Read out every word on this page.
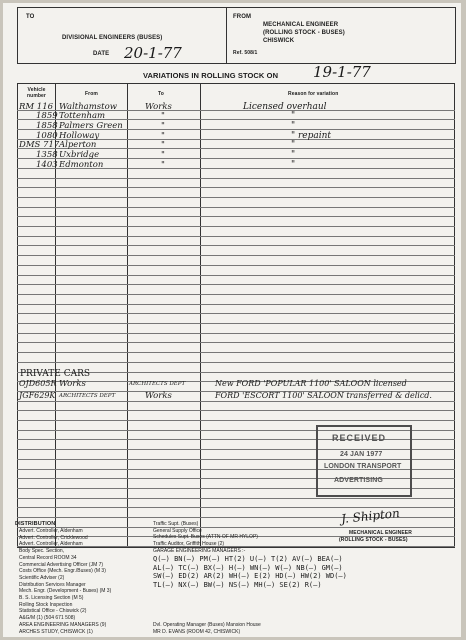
TO
DIVISIONAL ENGINEERS (BUSES)
DATE 20-1-77
FROM
MECHANICAL ENGINEER
(ROLLING STOCK - BUSES)
CHISWICK
Ref. 508/1
VARIATIONS IN ROLLING STOCK ON 19-1-77
Vehicle number	From	To	Reason for variation
RM 116 Walthamstow	Works	Licensed overhaul
1859 Tottenham	"	"
1858 Palmers Green	"	"
1080 Holloway	"	" repaint
DMS 717 Alperton	"	"
1358 Uxbridge	"	"
1403 Edmonton	"	"
PRIVATE CARS
OJD605R Works	ARCHITECTS DEPT	New FORD 'POPULAR 1100' SALOON licensed
JGF629K ARCHITECTS DEPT	Works	FORD 'ESCORT 1100' SALOON transferred & delicd.
RECEIVED
24 JAN 1977
LONDON TRANSPORT
ADVERTISING
DISTRIBUTION
Advert. Controller, Aldenham
Advert. Controller, Cricklewood
Advert. Controller, Aldenham
Body Spec. Section,
Central Record ROOM 34
Commercial Advertising Officer (JM 7)
Costs Office (Mech. Engr./Buses) (M 3)
Scientific Adviser (2)
Distribution Services Manager
Mech. Engr. (Development - Buses) (M 3)
B. S. Licensing Section (M 5)
Rolling Stock Inspection
Statistical Office - Chiswick (2)
A&G/M (1) (504 671 508)
AREA ENGINEERING MANAGERS (9)
ARCHES STUDY, CHISWICK (1)
Traffic Supt. (Buses)
General Supply Office
Schedules Supt. Buses (ATTN OF MR HYLOP)
Traffic Auditor, Griffith House (2)
GARAGE ENGINEERING MANAGERS :-
Q(—) BN(—) PM(—) HT(2) U(—) T(2) AV(—) BEA(—)
AL(—) TC(—) BX(—) H(—) WN(—) W(—) NB(—) GM(—)
SW(—) ED(2) AR(2) WH(—) E(2) HD(—) HW(2) WD(—)
TL(—) NX(—) BW(—) NS(—) MH(—) SE(2) R(—)
Dvl. Operating Manager (Buses) Mansion House
MR D. EVANS (ROOM 42, CHISWICK)
J. Shipton
MECHANICAL ENGINEER
(ROLLING STOCK - BUSES)
